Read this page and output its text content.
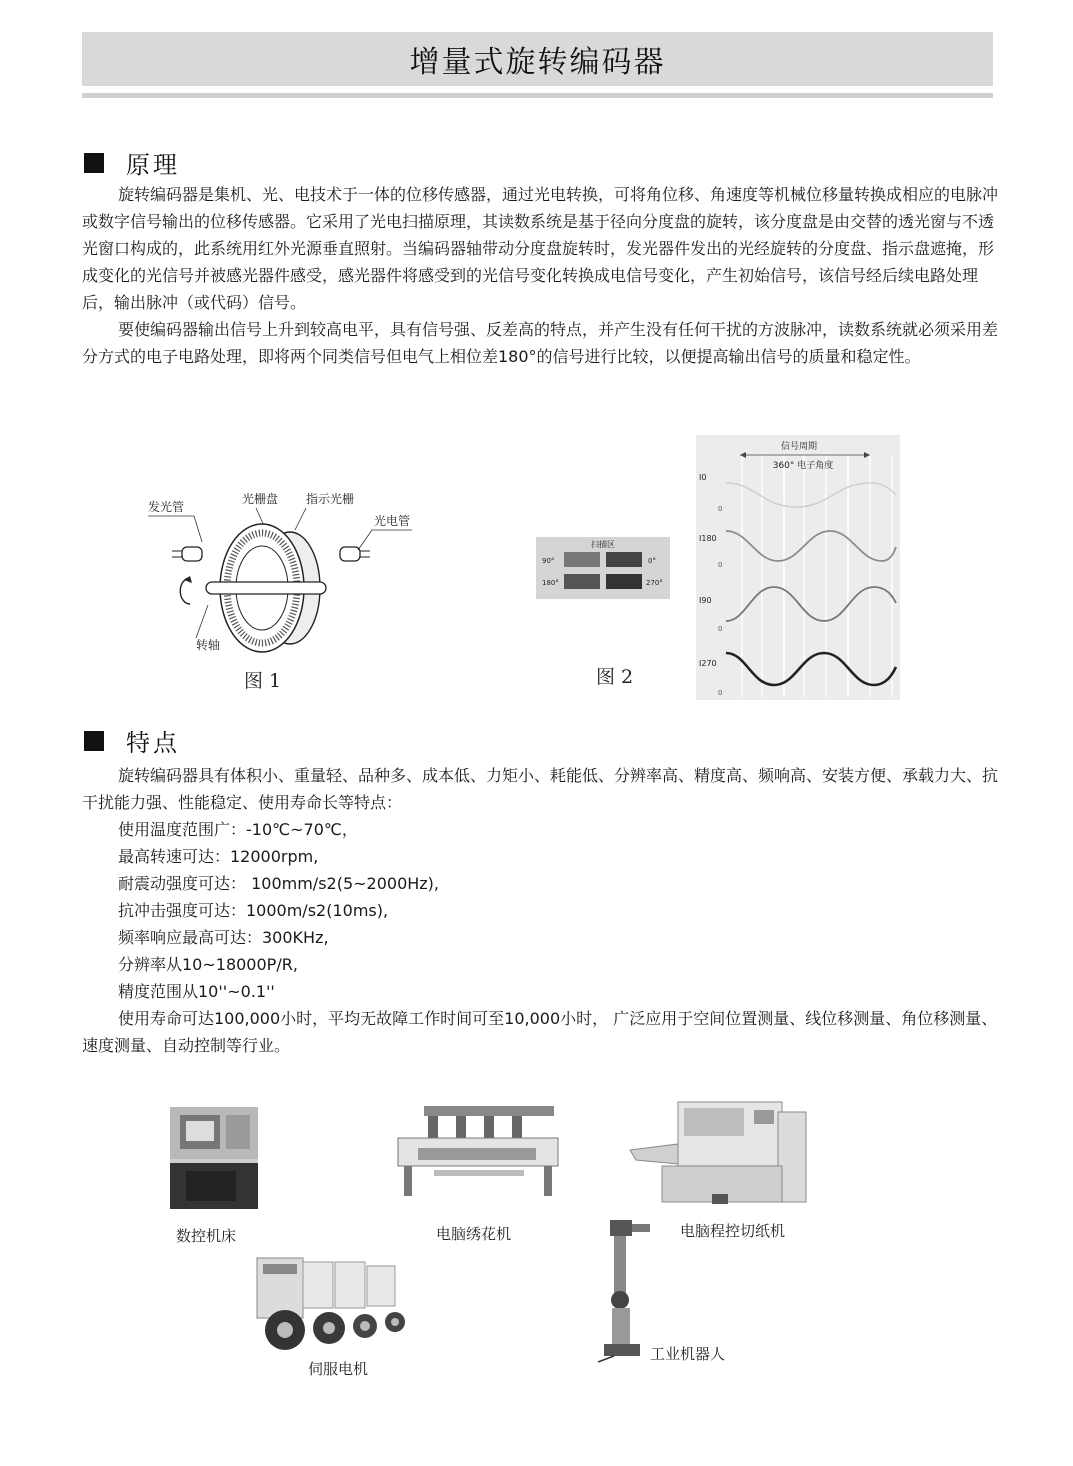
增量式旋转编码器
原理

旋转编码器是集机、光、电技术于一体的位移传感器，通过光电转换，可将角位移、角速度等机械位移量转换成相应的电脉冲或数字信号输出的位移传感器。它采用了光电扫描原理，其读数系统是基于径向分度盘的旋转，该分度盘是由交替的透光窗与不透光窗口构成的，此系统用红外光源垂直照射。当编码器轴带动分度盘旋转时，发光器件发出的光经旋转的分度盘、指示盘遮掩，形成变化的光信号并被感光器件感受，感光器件将感受到的光信号变化转换成电信号变化，产生初始信号，该信号经后续电路处理后，输出脉冲（或代码）信号。

要使编码器输出信号上升到较高电平，具有信号强、反差高的特点，并产生没有任何干扰的方波脉冲，读数系统就必须采用差分方式的电子电路处理，即将两个同类信号但电气上相位差180°的信号进行比较，以便提高输出信号的质量和稳定性。

发光管
光栅盘 指示光栅
光电管
转轴
图 1
扫描区
90°	0°
180°	270°
信号周期
360° 电子角度
I0
I180
I90
I270
0
0
0
0
图 2
特点

旋转编码器具有体积小、重量轻、品种多、成本低、力矩小、耗能低、分辨率高、精度高、频响高、安装方便、承载力大、抗干扰能力强、性能稳定、使用寿命长等特点：

使用温度范围广：-10℃~70℃，
最高转速可达：12000rpm,
耐震动强度可达： 100mm/s2(5~2000Hz),
抗冲击强度可达：1000m/s2(10ms),
频率响应最高可达：300KHz,
分辨率从10~18000P/R,
精度范围从10''~0.1''

使用寿命可达100,000小时，平均无故障工作时间可至10,000小时， 广泛应用于空间位置测量、线位移测量、角位移测量、速度测量、自动控制等行业。

数控机床	电脑绣花机	电脑程控切纸机
伺服电机
工业机器人
